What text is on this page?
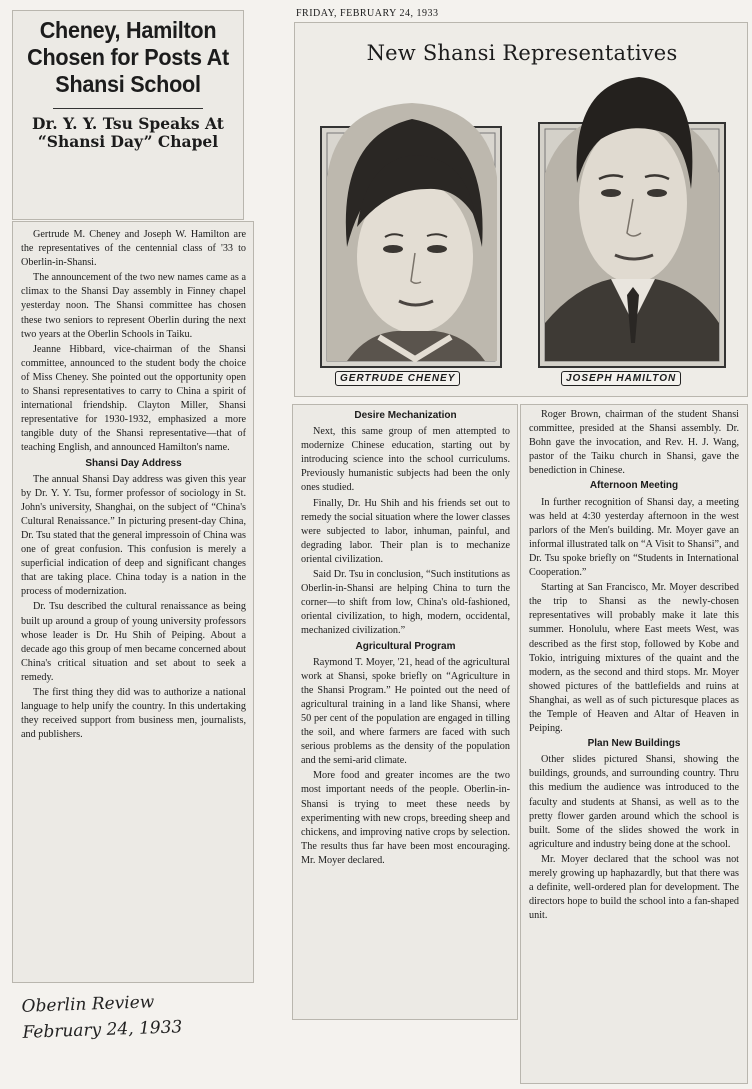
Cheney, Hamilton Chosen for Posts At Shansi School
Dr. Y. Y. Tsu Speaks At “Shansi Day” Chapel

Gertrude M. Cheney and Joseph W. Hamilton are the representatives of the centennial class of '33 to Oberlin-in-Shansi.

The announcement of the two new names came as a climax to the Shansi Day assembly in Finney chapel yesterday noon. The Shansi committee has chosen these two seniors to represent Oberlin during the next two years at the Oberlin Schools in Taiku.

Jeanne Hibbard, vice-chairman of the Shansi committee, announced to the student body the choice of Miss Cheney. She pointed out the opportunity open to Shansi representatives to carry to China a spirit of international friendship. Clayton Miller, Shansi representative for 1930-1932, emphasized a more tangible duty of the Shansi representative—that of teaching English, and announced Hamilton's name.

Shansi Day Address

The annual Shansi Day address was given this year by Dr. Y. Y. Tsu, former professor of sociology in St. John's university, Shanghai, on the subject of “China's Cultural Renaissance.” In picturing present-day China, Dr. Tsu stated that the general impressoin of China was one of great confusion. This confusion is merely a superficial indication of deep and significant changes that are taking place. China today is a nation in the process of modernization.

Dr. Tsu described the cultural renaissance as being built up around a group of young university professors whose leader is Dr. Hu Shih of Peiping. About a decade ago this group of men became concerned about China's critical situation and set about to seek a remedy.

The first thing they did was to authorize a national language to help unify the country. In this undertaking they received support from business men, journalists, and publishers.

FRIDAY, FEBRUARY 24, 1933
New Shansi Representatives
GERTRUDE CHENEY	JOSEPH HAMILTON
Desire Mechanization

Next, this same group of men attempted to modernize Chinese education, starting out by introducing science into the school curriculums. Previously humanistic subjects had been the only ones studied.

Finally, Dr. Hu Shih and his friends set out to remedy the social situation where the lower classes were subjected to labor, inhuman, painful, and degrading labor. Their plan is to mechanize oriental civilization.

Said Dr. Tsu in conclusion, “Such institutions as Oberlin-in-Shansi are helping China to turn the corner—to shift from low, China's old-fashioned, oriental civilization, to high, modern, occidental, mechanized civilization.”

Agricultural Program

Raymond T. Moyer, '21, head of the agricultural work at Shansi, spoke briefly on “Agriculture in the Shansi Program.” He pointed out the need of agricultural training in a land like Shansi, where 50 per cent of the population are engaged in tilling the soil, and where farmers are faced with such serious problems as the density of the population and the semi-arid climate.

More food and greater incomes are the two most important needs of the people. Oberlin-in-Shansi is trying to meet these needs by experimenting with new crops, breeding sheep and chickens, and improving native crops by selection. The results thus far have been most encouraging. Mr. Moyer declared.

Roger Brown, chairman of the student Shansi committee, presided at the Shansi assembly. Dr. Bohn gave the invocation, and Rev. H. J. Wang, pastor of the Taiku church in Shansi, gave the benediction in Chinese.

Afternoon Meeting

In further recognition of Shansi day, a meeting was held at 4:30 yesterday afternoon in the west parlors of the Men's building. Mr. Moyer gave an informal illustrated talk on “A Visit to Shansi”, and Dr. Tsu spoke briefly on “Students in International Cooperation.”

Starting at San Francisco, Mr. Moyer described the trip to Shansi as the newly-chosen representatives will probably make it late this summer. Honolulu, where East meets West, was described as the first stop, followed by Kobe and Tokio, intriguing mixtures of the quaint and the modern, as the second and third stops. Mr. Moyer showed pictures of the battlefields and ruins at Shanghai, as well as of such picturesque places as the Temple of Heaven and Altar of Heaven in Peiping.

Plan New Buildings

Other slides pictured Shansi, showing the buildings, grounds, and surrounding country. Thru this medium the audience was introduced to the faculty and students at Shansi, as well as to the pretty flower garden around which the school is built. Some of the slides showed the work in agriculture and industry being done at the school.

Mr. Moyer declared that the school was not merely growing up haphazardly, but that there was a definite, well-ordered plan for development. The directors hope to build the school into a fan-shaped unit.

Oberlin Review
February 24, 1933
